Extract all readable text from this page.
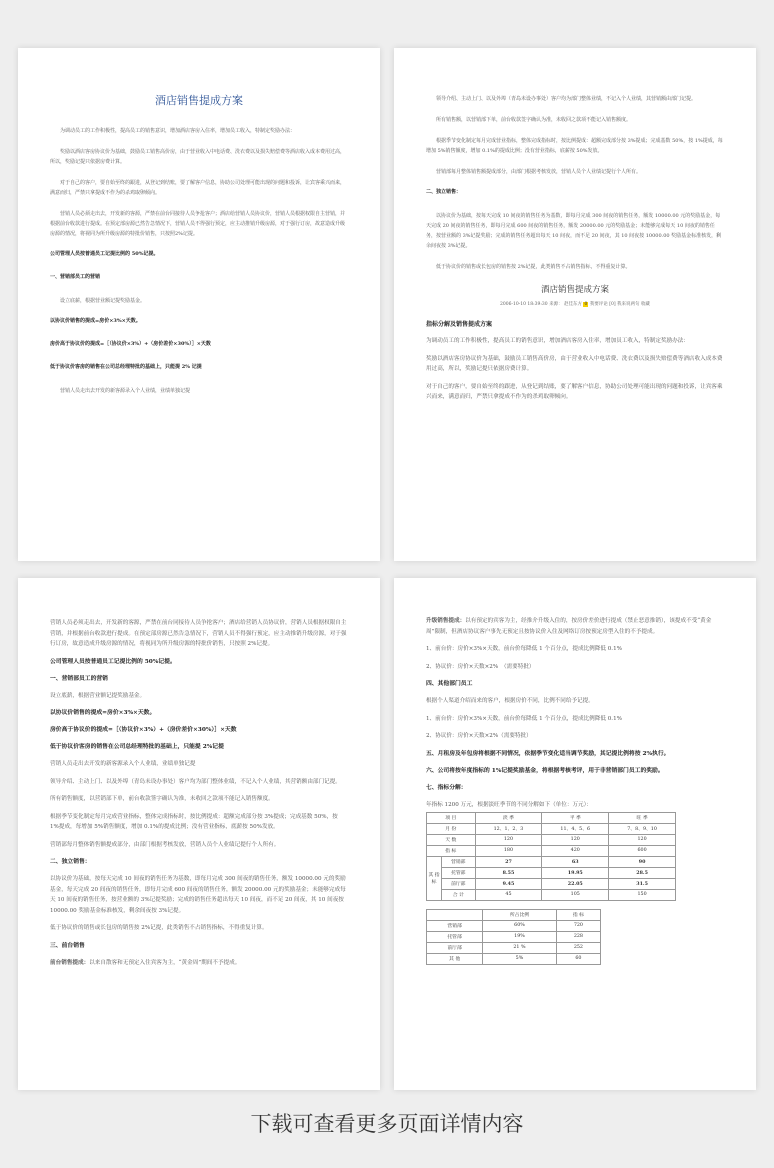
酒店销售提成方案

为调动员工的工作积极性，提高员工的销售意识，增加酒店客房入住率，增加员工收入，特制定奖励办法：

奖励以酒店客房协议价为基础，鼓励员工销售高价房，由于营业收入中电话费、洗衣费以及损失赔偿费等酒店收入成本费用过高，所以，奖励记提只依据房费计算。

对于自己的客户，要自始至终的跟进，从登记到结账，要了解客户信息，协助公司处理可能出现的问题和投诉，让宾客乘兴而来，满意而归，严禁只拿提成不作为的杀鸡取卵倾向。

营销人员必须走出去，开发新的客源，严禁在前台同接待人员争抢客户；酒店给营销人员协议价，营销人员根据权限自主营销，并根据前台收款进行提成。在预定部房源已然告急情况下，营销人员不得强行预定，应主动推销升级房源，对于强行订房，故意造成升级房源的情况，将视同为所升级房源的特批价销售，只按照2%记提。

公司管理人员按普通员工记提比例的 50%记提。

一、营销部员工的营销

设立底薪，根据营业额记提奖励基金。

以协议价销售的提成=房价×3%×天数。

房价高于协议价的提成=［（协议价×3%）+（房价差价×30%）］×天数

低于协议价客房的销售在公司总经理特批的基础上，只能提 2% 记提

营销人员走出去开发的新客源录入个人业绩，业绩单独记提

领导介绍、主动上门、以及外埠（青岛未设办事处）客户均为部门整体业绩，不记入个人业绩，其营销额由部门记提。

所有销售额，以营销部下单，前台收款签字确认为准，未收回之款项不能记入销售额度。

根据季节变化制定每月完成营业指标，整体完成指标时，按比例提成：超额完成部分按 3%提成；完成基数 50%，按 1%提成，每增加 5%销售额度，增加 0.1%的提成比例；没有营业指标，底薪按 50%发放。

营销部每月整体销售额提成部分，由部门根据考核发放，营销人员个人业绩记提行个人所有。

二、独立销售：

以协议价为基础，按每天完成 10 间夜的销售任务为基数，即每月完成 300 间夜的销售任务，额发 10000.00 元的奖励基金，每天完成 20 间夜的销售任务，即每月完成 600 间夜的销售任务，额发 20000.00 元的奖励基金；未能够完成每天 10 间夜的销售任务，按营业额的 3%记提奖励；完成的销售任务超出每天 10 间夜，而不足 20 间夜，其 10 间夜按 10000.00 奖励基金标准核发，剩余间夜按 3%记提。

低于协议价的销售或长包房的销售按 2%记提，此类销售不占销售指标，不得重复计算。

酒店销售提成方案
2006-10-10 18:39:30 来源： 赵佳东方 0 我要评论 [0] 我来说两句 收藏
指标分解及销售提成方案

为调动员工的工作积极性，提高员工的销售意识，增加酒店客房入住率，增加员工收入，特制定奖励办法：

奖励以酒店客房协议价为基础，鼓励员工销售高价房，由于营业收入中电话费、洗衣费以及损失赔偿费等酒店收入成本费用过高，所以，奖励记提只依据房费计算。

对于自己的客户，要自始至终的跟进，从登记到结账，要了解客户信息，协助公司处理可能出现的问题和投诉，让宾客乘兴而来，满意而归，严禁只拿提成不作为的杀鸡取卵倾向。

营销人员必须走出去，开发新的客源，严禁在前台同接待人员争抢客户；酒店给营销人员协议价，营销人员根据权限自主营销，并根据前台收款进行提成。在预定部房源已然告急情况下，营销人员不得强行预定，应主动推销升级房源，对于强行订房，故意造成升级房源的情况，将视同为所升级房源的特批价销售，只按照 2%记提。

公司管理人员按普通员工记提比例的 50%记提。

一、营销部员工的营销

设立底薪，根据营业额记提奖励基金。

以协议价销售的提成=房价×3%×天数。

房价高于协议价的提成=［（协议价×3%）+（房价差价×30%）］×天数

低于协议价客房的销售在公司总经理特批的基础上，只能提 2%记提

营销人员走出去开发的新客源录入个人业绩，业绩单独记提

领导介绍、主动上门、以及外埠（青岛未设办事处）客户均为部门整体业绩，不记入个人业绩，其营销额由部门记提。

所有销售额度，以营销部下单，前台收款签字确认为准，未收回之款项不能记入销售额度。

根据季节变化制定每月完成营业指标，整体完成指标时，按比例提成：超额完成部分按 3%提成；完成基数 50%，按 1%提成，每增加 5%销售额度，增加 0.1%的提成比例；没有营业指标，底薪按 50%发放。

营销部每月整体销售额提成部分，由部门根据考核发放，营销人员个人业绩记提行个人所有。

二、独立销售：

以协议价为基础，按每天完成 10 间夜的销售任务为基数，即每月完成 300 间夜的销售任务，额发 10000.00 元的奖励基金，每天完成 20 间夜的销售任务，即每月完成 600 间夜的销售任务，额发 20000.00 元的奖励基金；未能够完成每天 10 间夜的销售任务，按营业额的 3%记提奖励；完成的销售任务超出每天 10 间夜，而不足 20 间夜，其 10 间夜按 10000.00 奖励基金标准核发，剩余间夜按 3%记提。

低于协议价的销售或长包房的销售按 2%记提，此类销售不占销售指标，不得重复计算。

三、前台销售

前台销售提成：以来自散客和无预定入住宾客为主，“黄金周”期间不予提成。

升级销售提成：以有预定的宾客为主，经推介升级入住的，按房价差价进行提成（禁止恶意推销），该提成不受“黄金周”限制，但酒店协议客户事先无预定且按协议价入住及网络订房按预定房型入住的不予提成。

1、前台价：房价×3%×天数，前台价每降低 1 个百分点，提成比例降低 0.1%

2、协议价：房价×天数×2%　（需要特批）

四、其他部门员工

根据个人渠道介绍而来的客户，根据房价不同，比例不同给予记提。

1、前台价：房价×3%×天数，前台价每降低 1 个百分点，提成比例降低 0.1%

2、协议价：房价×天数×2%（需要特批）

五、月租房及年包房将根据不同情况，依据季节变化适当调节奖励，其记提比例将按 2%执行。

六、公司将按年度指标的 1%记提奖励基金，将根据考核考评，用于非营销部门员工的奖励。

七、指标分解：

年指标 1200 万元，根据淡旺季节的不同分解如下（单位：万元）：

项 目		淡 季	平 季	旺 季
月 份		12、1、2、3	11、4、5、6	7、8、9、10
天 数		120	120	120
指 标		180	420	600
其 指 标	营销部	27	63	90
	托管部	8.55	19.95	28.5
	前厅部	9.45	22.05	31.5
	合 计	45	105	150
	所占比例	指 标
营销部	60%	720
托管部	19%	228
前厅部	21 %	252
其 他	5%	60
下载可查看更多页面详情内容
